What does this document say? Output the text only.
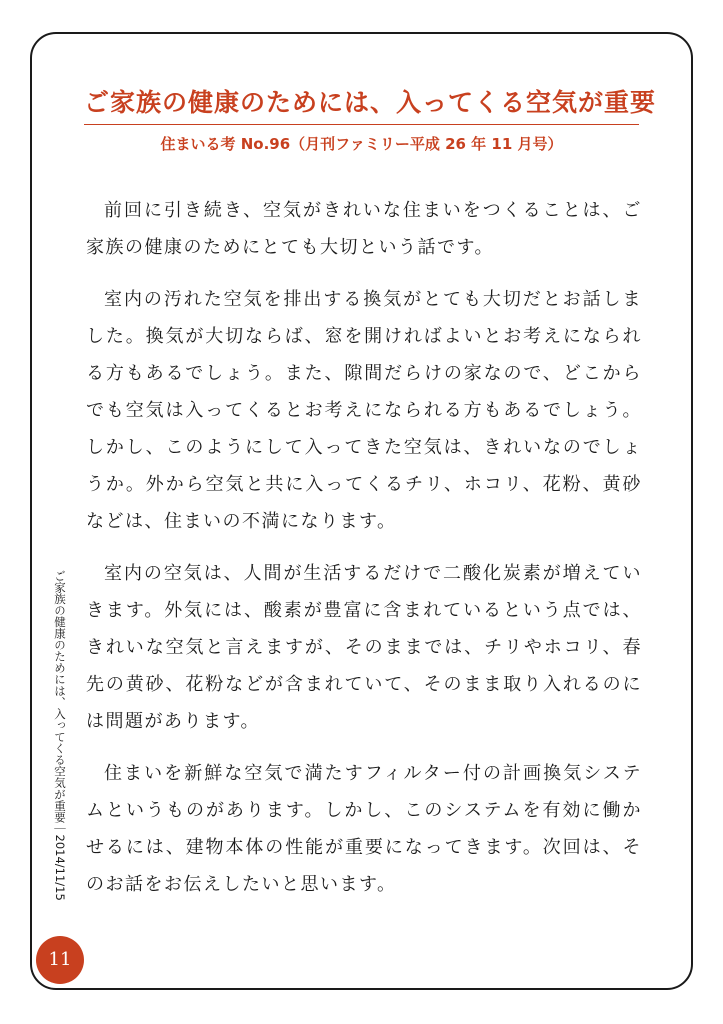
ご家族の健康のためには、入ってくる空気が重要
住まいる考 No.96（月刊ファミリー平成 26 年 11 月号）

前回に引き続き、空気がきれいな住まいをつくることは、ご家族の健康のためにとても大切という話です。

室内の汚れた空気を排出する換気がとても大切だとお話しました。換気が大切ならば、窓を開ければよいとお考えになられる方もあるでしょう。また、隙間だらけの家なので、どこからでも空気は入ってくるとお考えになられる方もあるでしょう。しかし、このようにして入ってきた空気は、きれいなのでしょうか。外から空気と共に入ってくるチリ、ホコリ、花粉、黄砂などは、住まいの不満になります。

室内の空気は、人間が生活するだけで二酸化炭素が増えていきます。外気には、酸素が豊富に含まれているという点では、きれいな空気と言えますが、そのままでは、チリやホコリ、春先の黄砂、花粉などが含まれていて、そのまま取り入れるのには問題があります。

住まいを新鮮な空気で満たすフィルター付の計画換気システムというものがあります。しかし、このシステムを有効に働かせるには、建物本体の性能が重要になってきます。次回は、そのお話をお伝えしたいと思います。

ご家族の健康のためには、入ってくる空気が重要｜2014/11/15
11
